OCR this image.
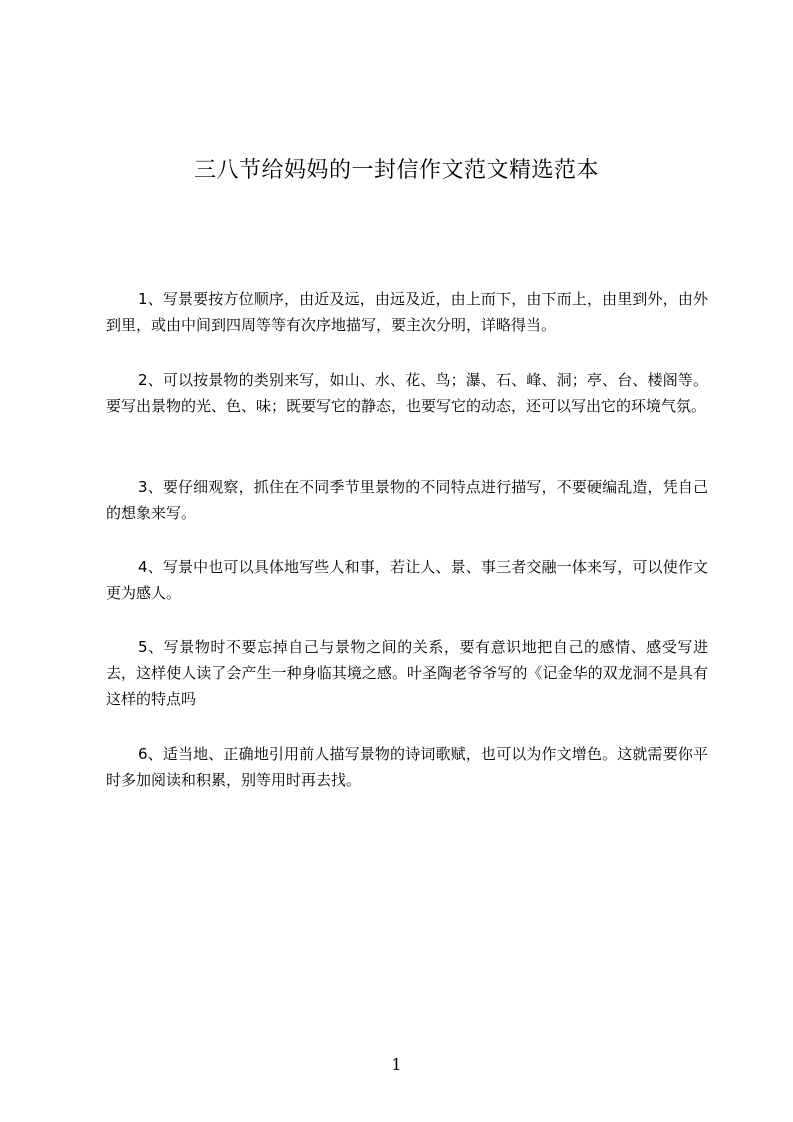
三八节给妈妈的一封信作文范文精选范本

1、写景要按方位顺序，由近及远，由远及近，由上而下，由下而上，由里到外，由外到里，或由中间到四周等等有次序地描写，要主次分明，详略得当。

2、可以按景物的类别来写，如山、水、花、鸟；瀑、石、峰、洞；亭、台、楼阁等。要写出景物的光、色、味；既要写它的静态，也要写它的动态，还可以写出它的环境气氛。

3、要仔细观察，抓住在不同季节里景物的不同特点进行描写，不要硬编乱造，凭自己的想象来写。

4、写景中也可以具体地写些人和事，若让人、景、事三者交融一体来写，可以使作文更为感人。

5、写景物时不要忘掉自己与景物之间的关系，要有意识地把自己的感情、感受写进去，这样使人读了会产生一种身临其境之感。叶圣陶老爷爷写的《记金华的双龙洞不是具有这样的特点吗

6、适当地、正确地引用前人描写景物的诗词歌赋，也可以为作文增色。这就需要你平时多加阅读和积累，别等用时再去找。

1
